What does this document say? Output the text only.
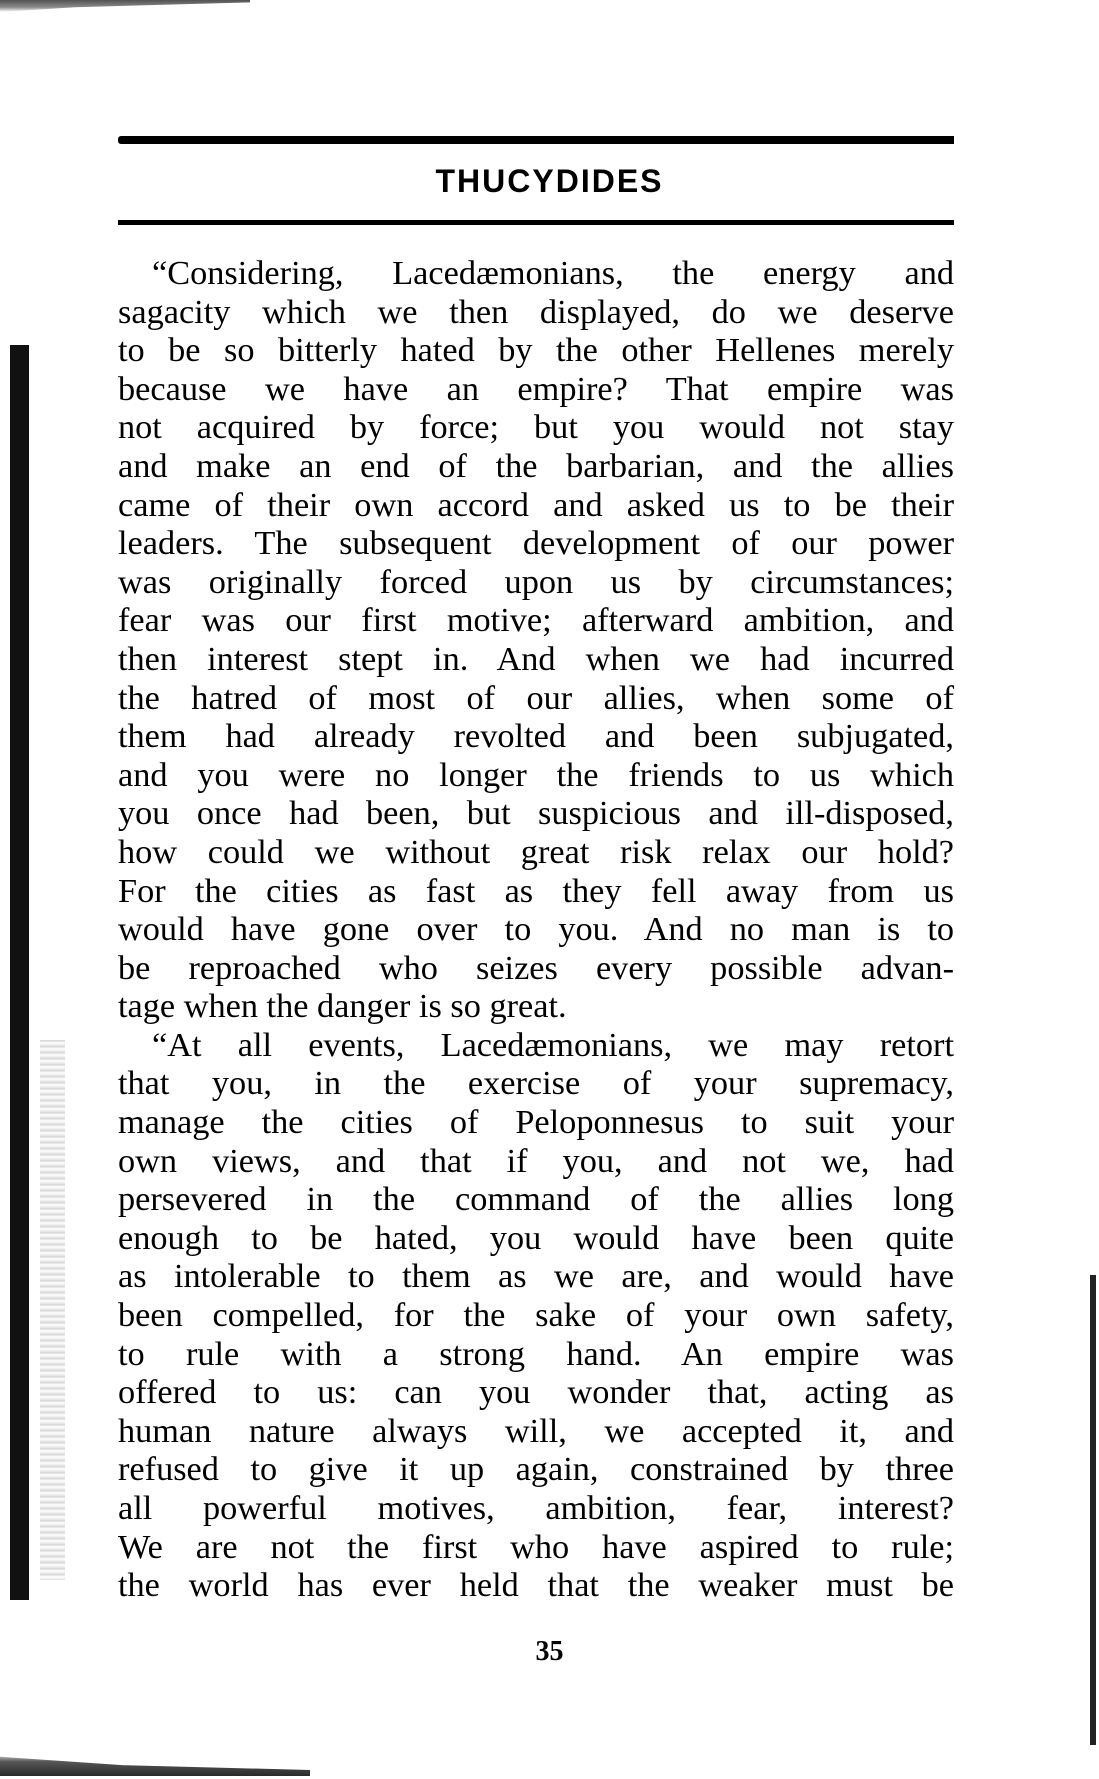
THUCYDIDES
“Considering, Lacedæmonians, the energy and
sagacity which we then displayed, do we deserve
to be so bitterly hated by the other Hellenes merely
because we have an empire? That empire was
not acquired by force; but you would not stay
and make an end of the barbarian, and the allies
came of their own accord and asked us to be their
leaders. The subsequent development of our power
was originally forced upon us by circumstances;
fear was our first motive; afterward ambition, and
then interest stept in. And when we had incurred
the hatred of most of our allies, when some of
them had already revolted and been subjugated,
and you were no longer the friends to us which
you once had been, but suspicious and ill-disposed,
how could we without great risk relax our hold?
For the cities as fast as they fell away from us
would have gone over to you. And no man is to
be reproached who seizes every possible advan-
tage when the danger is so great.
“At all events, Lacedæmonians, we may retort
that you, in the exercise of your supremacy,
manage the cities of Peloponnesus to suit your
own views, and that if you, and not we, had
persevered in the command of the allies long
enough to be hated, you would have been quite
as intolerable to them as we are, and would have
been compelled, for the sake of your own safety,
to rule with a strong hand. An empire was
offered to us: can you wonder that, acting as
human nature always will, we accepted it, and
refused to give it up again, constrained by three
all powerful motives, ambition, fear, interest?
We are not the first who have aspired to rule;
the world has ever held that the weaker must be
35
